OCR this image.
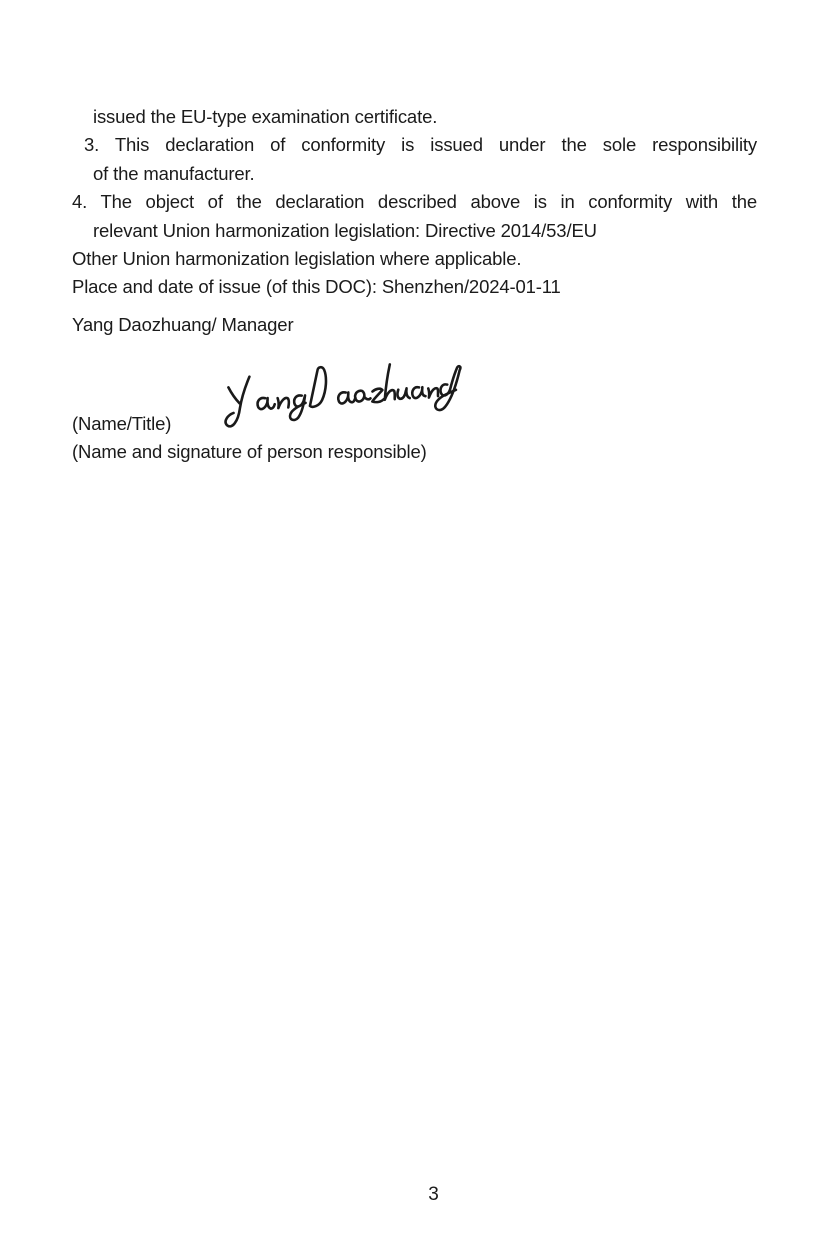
issued the EU-type examination certificate.
3. This declaration of conformity is issued under the sole responsibility
of the manufacturer.
4. The object of the declaration described above is in conformity with the
relevant Union harmonization legislation: Directive 2014/53/EU
Other Union harmonization legislation where applicable.
Place and date of issue (of this DOC): Shenzhen/2024-01-11
Yang Daozhuang/ Manager
(Name/Title)
(Name and signature of person responsible)
3
